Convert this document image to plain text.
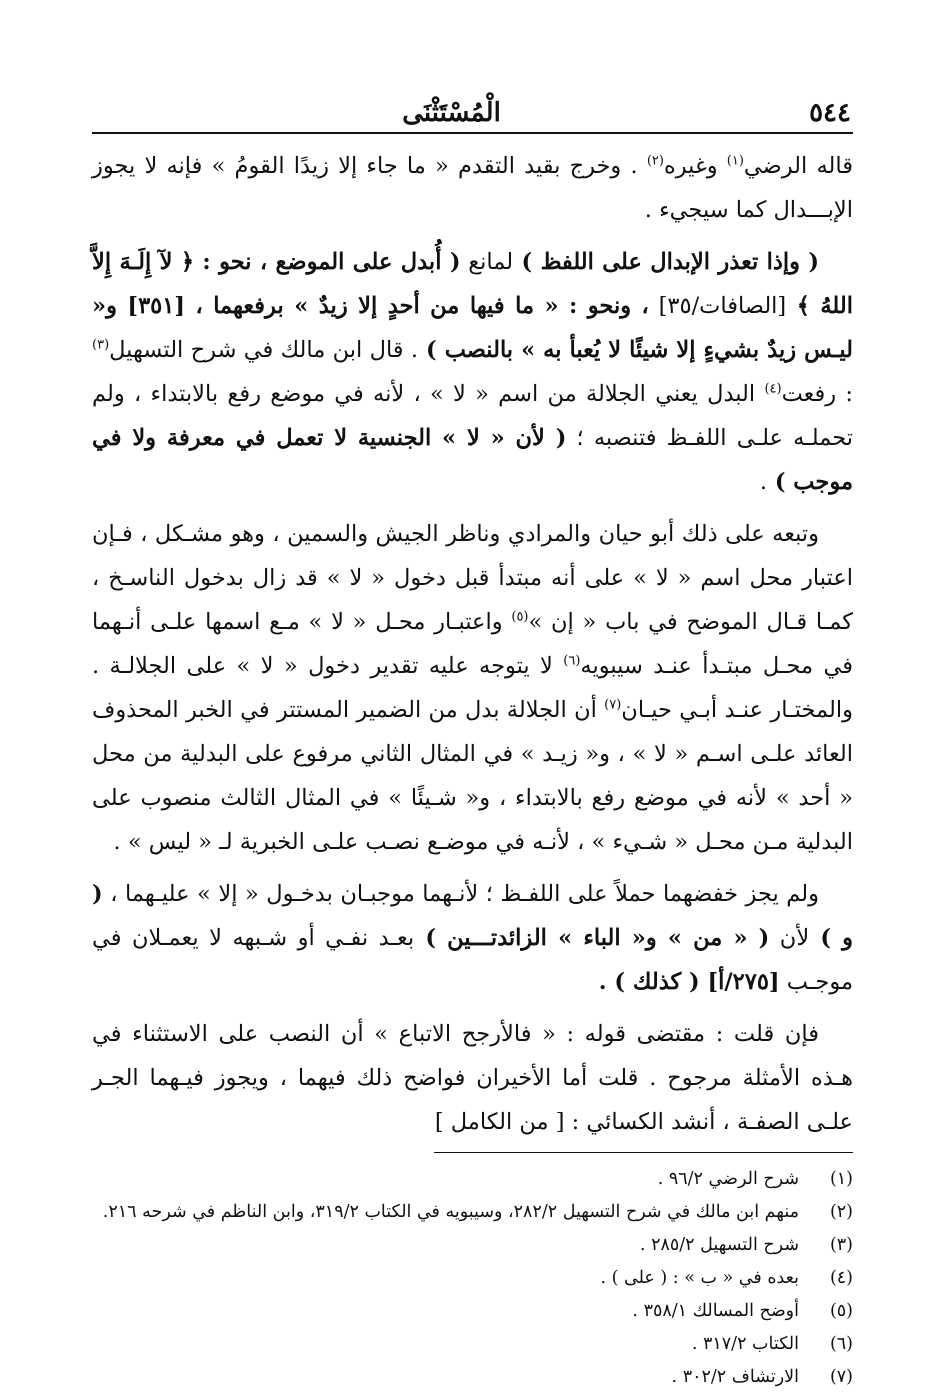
٥٤٤
الْمُسْتَثْنَى

قاله الرضي$^{(١)}$ وغيره$^{(٢)}$ . وخرج بقيد التقدم « ما جاء إلا زيدًا القومُ » فإنه لا يجوز الإبـــدال كما سيجيء .

( وإذا تعذر الإبدال على اللفظ ) لمانع ( أُبدل على الموضع ، نحو : ﴿ لآ إِلَـهَ إِلاَّ اللهُ ﴾ [الصافات/٣٥] ، ونحو : « ما فيها من أحدٍ إلا زيدٌ » برفعهما ، [٣٥١] و« ليـس زيدٌ بشيءٍ إلا شيئًا لا يُعبأ به » بالنصب ) . قال ابن مالك في شرح التسهيل$^{(٣)}$ : رفعت$^{(٤)}$ البدل يعني الجلالة من اسم « لا » ، لأنه في موضع رفع بالابتداء ، ولم تحملـه علـى اللفـظ فتنصبه ؛ ( لأن « لا » الجنسية لا تعمل في معرفة ولا في موجب ) .

وتبعه على ذلك أبو حيان والمرادي وناظر الجيش والسمين ، وهو مشـكل ، فـإن اعتبار محل اسم « لا » على أنه مبتدأ قبل دخول « لا » قد زال بدخول الناسـخ ، كمـا قـال الموضح في باب « إن »$^{(٥)}$ واعتبـار محـل « لا » مـع اسمها علـى أنـهما في محـل مبتـدأ عنـد سيبويه$^{(٦)}$ لا يتوجه عليه تقدير دخول « لا » على الجلالـة . والمختـار عنـد أبـي حيـان$^{(٧)}$ أن الجلالة بدل من الضمير المستتر في الخبر المحذوف العائد علـى اسـم « لا » ، و« زيـد » في المثال الثاني مرفوع على البدلية من محل « أحد » لأنه في موضع رفع بالابتداء ، و« شـيئًا » في المثال الثالث منصوب على البدلية مـن محـل « شـيء » ، لأنـه في موضـع نصـب علـى الخبرية لـ « ليس » .

ولم يجز خفضهما حملاً على اللفـظ ؛ لأنـهما موجبـان بدخـول « إلا » عليـهما ، ( و ) لأن ( « من » و« الباء » الزائدتـــين ) بعـد نفـي أو شـبهه لا يعمـلان في موجـب [٢٧٥/أ] ( كذلك ) .

فإن قلت : مقتضى قوله : « فالأرجح الاتباع » أن النصب على الاستثناء في هـذه الأمثلة مرجوح . قلت أما الأخيران فواضح ذلك فيهما ، ويجوز فيـهما الجـر علـى الصفـة ، أنشد الكسائي : [ من الكامل ]

(١)
شرح الرضي ٩٦/٢ .
(٢)
منهم ابن مالك في شرح التسهيل ٢٨٢/٢، وسيبويه في الكتاب ٣١٩/٢، وابن الناظم في شرحه ٢١٦.
(٣)
شرح التسهيل ٢٨٥/٢ .
(٤)
بعده في « ب » : ( على ) .
(٥)
أوضح المسالك ٣٥٨/١ .
(٦)
الكتاب ٣١٧/٢ .
(٧)
الارتشاف ٣٠٢/٢ .
